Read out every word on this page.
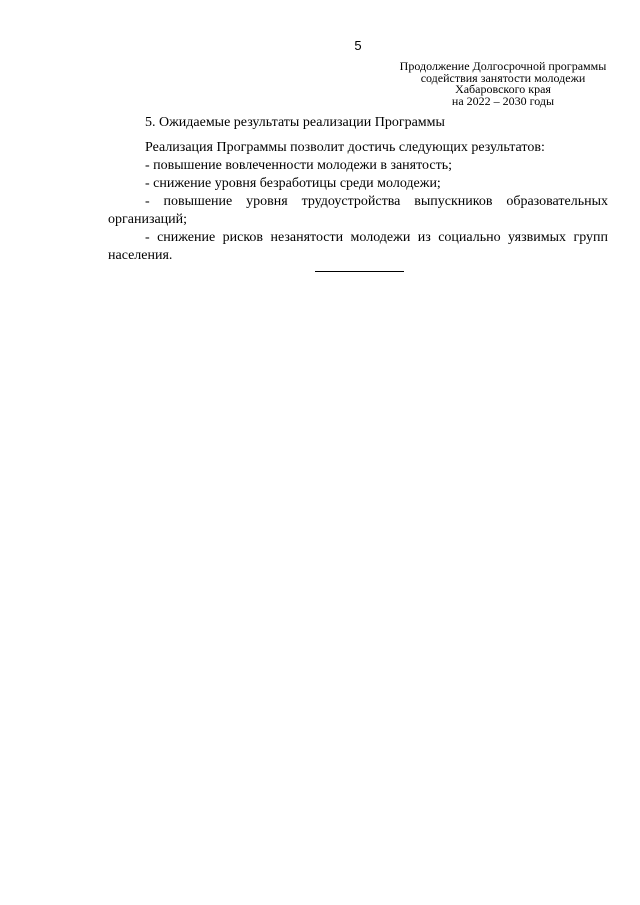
5
Продолжение Долгосрочной программы
содействия занятости молодежи
Хабаровского края
на 2022 – 2030 годы
5. Ожидаемые результаты реализации Программы

Реализация Программы позволит достичь следующих результатов:

- повышение вовлеченности молодежи в занятость;

- снижение уровня безработицы среди молодежи;

- повышение уровня трудоустройства выпускников образовательных организаций;

- снижение рисков незанятости молодежи из социально уязвимых групп населения.
